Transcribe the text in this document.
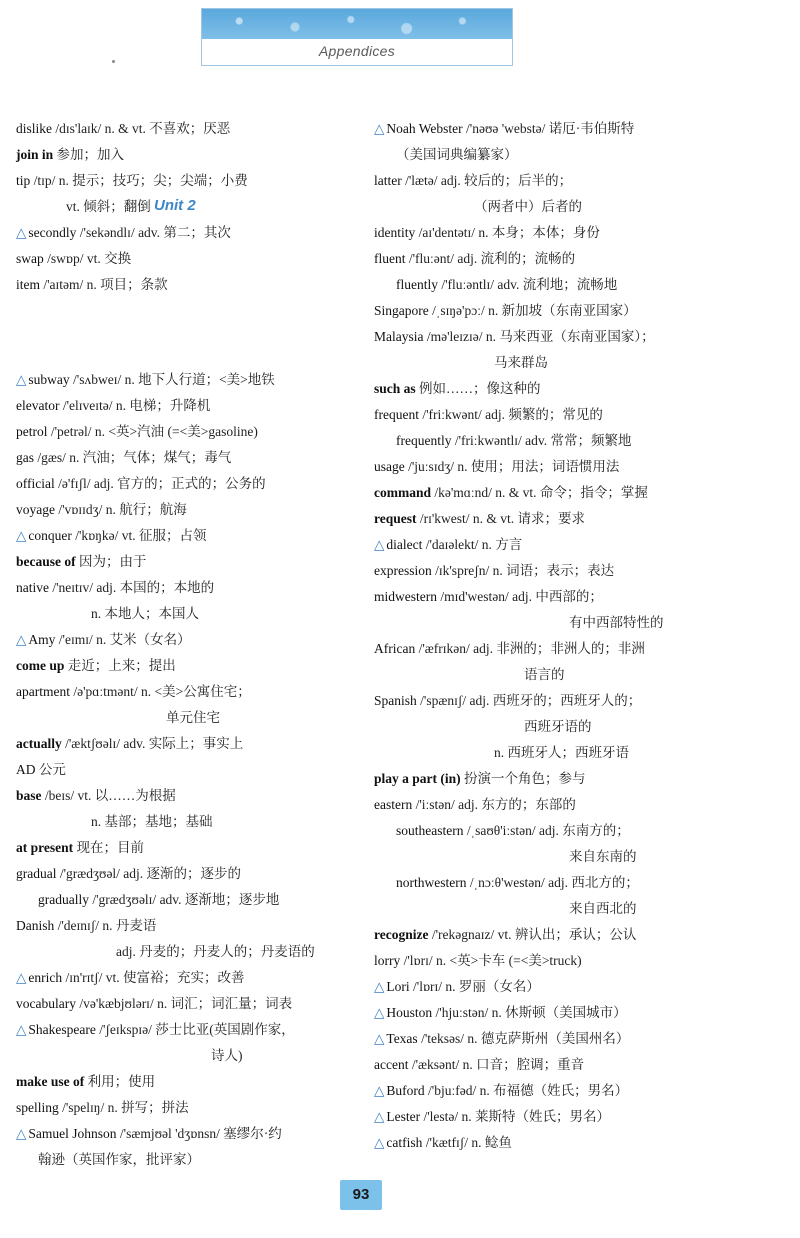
Appendices
dislike /dɪs'laɪk/ n. & vt. 不喜欢；厌恶
join in 参加；加入
tip /tɪp/ n. 提示；技巧；尖；尖端；小费
vt. 倾斜；翻倒
△ secondly /'sekəndlɪ/ adv. 第二；其次
swap /swɒp/ vt. 交换
item /'aɪtəm/ n. 项目；条款
△ subway /'sʌbweɪ/ n. 地下人行道；<美>地铁
elevator /'elɪveɪtə/ n. 电梯；升降机
petrol /'petrəl/ n. <英>汽油 (=<美>gasoline)
gas /gæs/ n. 汽油；气体；煤气；毒气
official /ə'fɪʃl/ adj. 官方的；正式的；公务的
voyage /'vɒɪɪdʒ/ n. 航行；航海
△ conquer /'kɒŋkə/ vt. 征服；占领
because of 因为；由于
native /'neɪtɪv/ adj. 本国的；本地的
n. 本地人；本国人
△ Amy /'eɪmɪ/ n. 艾米（女名）
come up 走近；上来；提出
apartment /ə'pɑːtmənt/ n. <美>公寓住宅；
单元住宅
actually /'æktʃʊəlɪ/ adv. 实际上；事实上
AD 公元
base /beɪs/ vt. 以……为根据
n. 基部；基地；基础
at present 现在；目前
gradual /'grædʒʊəl/ adj. 逐渐的；逐步的
gradually /'grædʒʊəlɪ/ adv. 逐渐地；逐步地
Danish /'deɪnɪʃ/ n. 丹麦语
adj. 丹麦的；丹麦人的；丹麦语的
△ enrich /ɪn'rɪtʃ/ vt. 使富裕；充实；改善
vocabulary /və'kæbjʊlərɪ/ n. 词汇；词汇量；词表
△ Shakespeare /'ʃeɪkspɪə/ 莎士比亚(英国剧作家，
诗人)
make use of 利用；使用
spelling /'spelɪŋ/ n. 拼写；拼法
△ Samuel Johnson /'sæmjʊəl 'dʒɒnsn/ 塞缪尔·约
翰逊（英国作家，批评家）
△ Noah Webster /'nəʊə 'webstə/ 诺厄·韦伯斯特
（美国词典编纂家）
latter /'lætə/ adj. 较后的；后半的；
（两者中）后者的
identity /aɪ'dentətɪ/ n. 本身；本体；身份
fluent /'fluːənt/ adj. 流利的；流畅的
fluently /'fluːəntlɪ/ adv. 流利地；流畅地
Singapore /ˌsɪŋə'pɔː/ n. 新加坡（东南亚国家）
Malaysia /mə'leɪzɪə/ n. 马来西亚（东南亚国家）；
马来群岛
such as 例如……；像这种的
frequent /'friːkwənt/ adj. 频繁的；常见的
frequently /'friːkwəntlɪ/ adv. 常常；频繁地
usage /'juːsɪdʒ/ n. 使用；用法；词语惯用法
command /kə'mɑːnd/ n. & vt. 命令；指令；掌握
request /rɪ'kwest/ n. & vt. 请求；要求
△ dialect /'daɪəlekt/ n. 方言
expression /ɪk'spreʃn/ n. 词语；表示；表达
midwestern /mɪd'westən/ adj. 中西部的；
有中西部特性的
African /'æfrɪkən/ adj. 非洲的；非洲人的；非洲
语言的
Spanish /'spænɪʃ/ adj. 西班牙的；西班牙人的；
西班牙语的
n. 西班牙人；西班牙语
play a part (in) 扮演一个角色；参与
eastern /'iːstən/ adj. 东方的；东部的
southeastern /ˌsaʊθ'iːstən/ adj. 东南方的；
来自东南的
northwestern /ˌnɔːθ'westən/ adj. 西北方的；
来自西北的
recognize /'rekəgnaɪz/ vt. 辨认出；承认；公认
lorry /'lɒrɪ/ n. <英>卡车 (=<美>truck)
△ Lori /'lɒrɪ/ n. 罗丽（女名）
△ Houston /'hjuːstən/ n. 休斯顿（美国城市）
△ Texas /'teksəs/ n. 德克萨斯州（美国州名）
accent /'æksənt/ n. 口音；腔调；重音
△ Buford /'bjuːfəd/ n. 布福德（姓氏；男名）
△ Lester /'lestə/ n. 莱斯特（姓氏；男名）
△ catfish /'kætfɪʃ/ n. 鲶鱼
Unit 2
93
